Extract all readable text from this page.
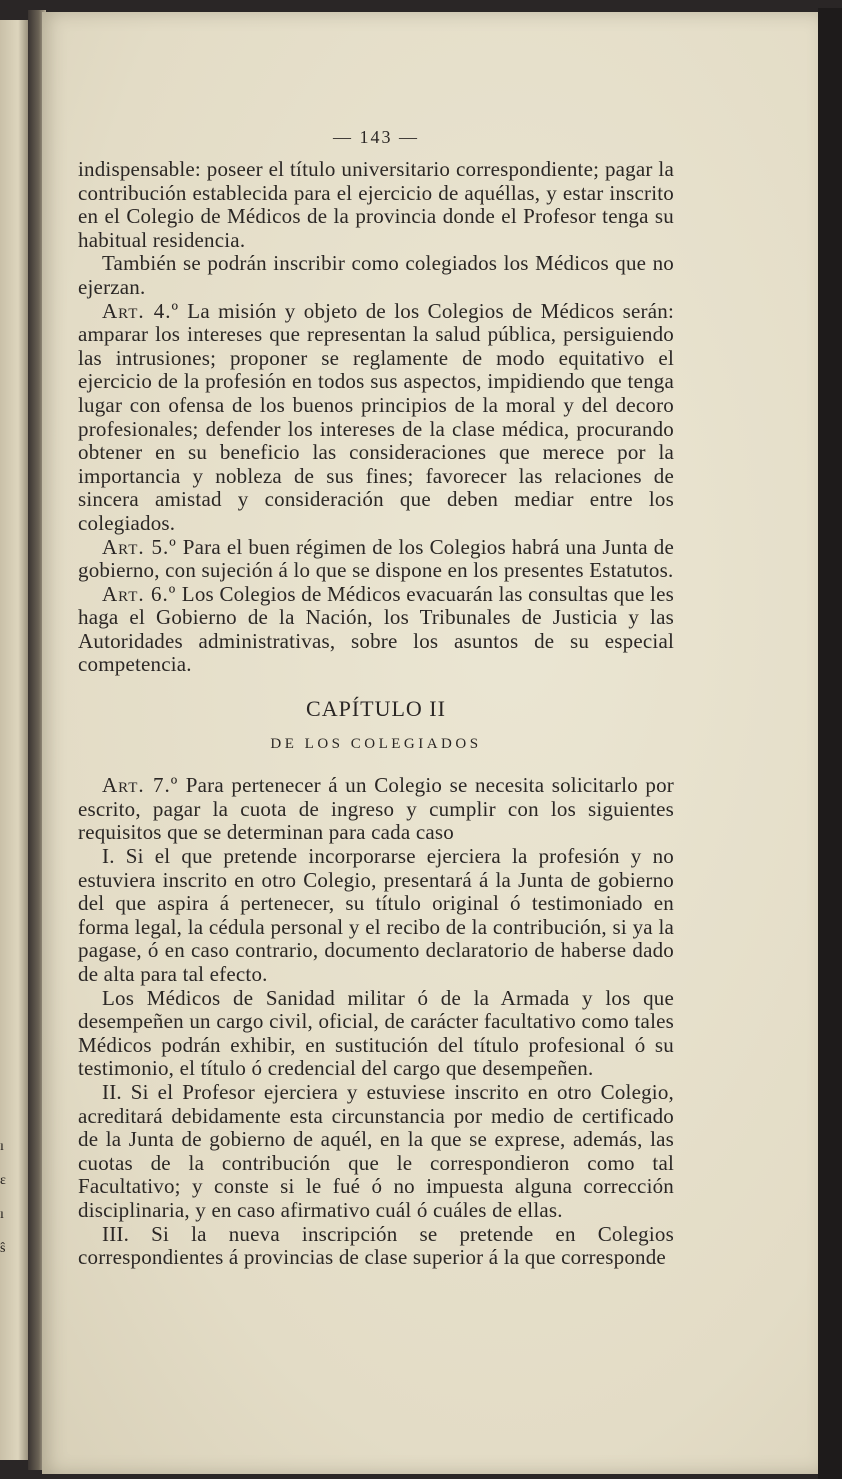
ı
ɛ
ı
ŝ
— 143 —

indispensable: poseer el título universitario correspondiente; pagar la contribución establecida para el ejercicio de aquéllas, y estar inscrito en el Colegio de Médicos de la provincia donde el Profesor tenga su habitual residencia.

También se podrán inscribir como colegiados los Médicos que no ejerzan.

Art. 4.º La misión y objeto de los Colegios de Médicos serán: amparar los intereses que representan la salud pública, persiguiendo las intrusiones; proponer se reglamente de modo equitativo el ejercicio de la profesión en todos sus aspectos, impidiendo que tenga lugar con ofensa de los buenos principios de la moral y del decoro profesionales; defender los intereses de la clase médica, procurando obtener en su beneficio las consideraciones que merece por la importancia y nobleza de sus fines; favorecer las relaciones de sincera amistad y consideración que deben mediar entre los colegiados.

Art. 5.º Para el buen régimen de los Colegios habrá una Junta de gobierno, con sujeción á lo que se dispone en los presentes Estatutos.

Art. 6.º Los Colegios de Médicos evacuarán las consultas que les haga el Gobierno de la Nación, los Tribunales de Justicia y las Autoridades administrativas, sobre los asuntos de su especial competencia.

CAPÍTULO II
DE LOS COLEGIADOS

Art. 7.º Para pertenecer á un Colegio se necesita solicitarlo por escrito, pagar la cuota de ingreso y cumplir con los siguientes requisitos que se determinan para cada caso

I. Si el que pretende incorporarse ejerciera la profesión y no estuviera inscrito en otro Colegio, presentará á la Junta de gobierno del que aspira á pertenecer, su título original ó testimoniado en forma legal, la cédula personal y el recibo de la contribución, si ya la pagase, ó en caso contrario, documento declaratorio de haberse dado de alta para tal efecto.

Los Médicos de Sanidad militar ó de la Armada y los que desempeñen un cargo civil, oficial, de carácter facultativo como tales Médicos podrán exhibir, en sustitución del título profesional ó su testimonio, el título ó credencial del cargo que desempeñen.

II. Si el Profesor ejerciera y estuviese inscrito en otro Colegio, acreditará debidamente esta circunstancia por medio de certificado de la Junta de gobierno de aquél, en la que se exprese, además, las cuotas de la contribución que le correspondieron como tal Facultativo; y conste si le fué ó no impuesta alguna corrección disciplinaria, y en caso afirmativo cuál ó cuáles de ellas.

III. Si la nueva inscripción se pretende en Colegios correspondientes á provincias de clase superior á la que corresponde
